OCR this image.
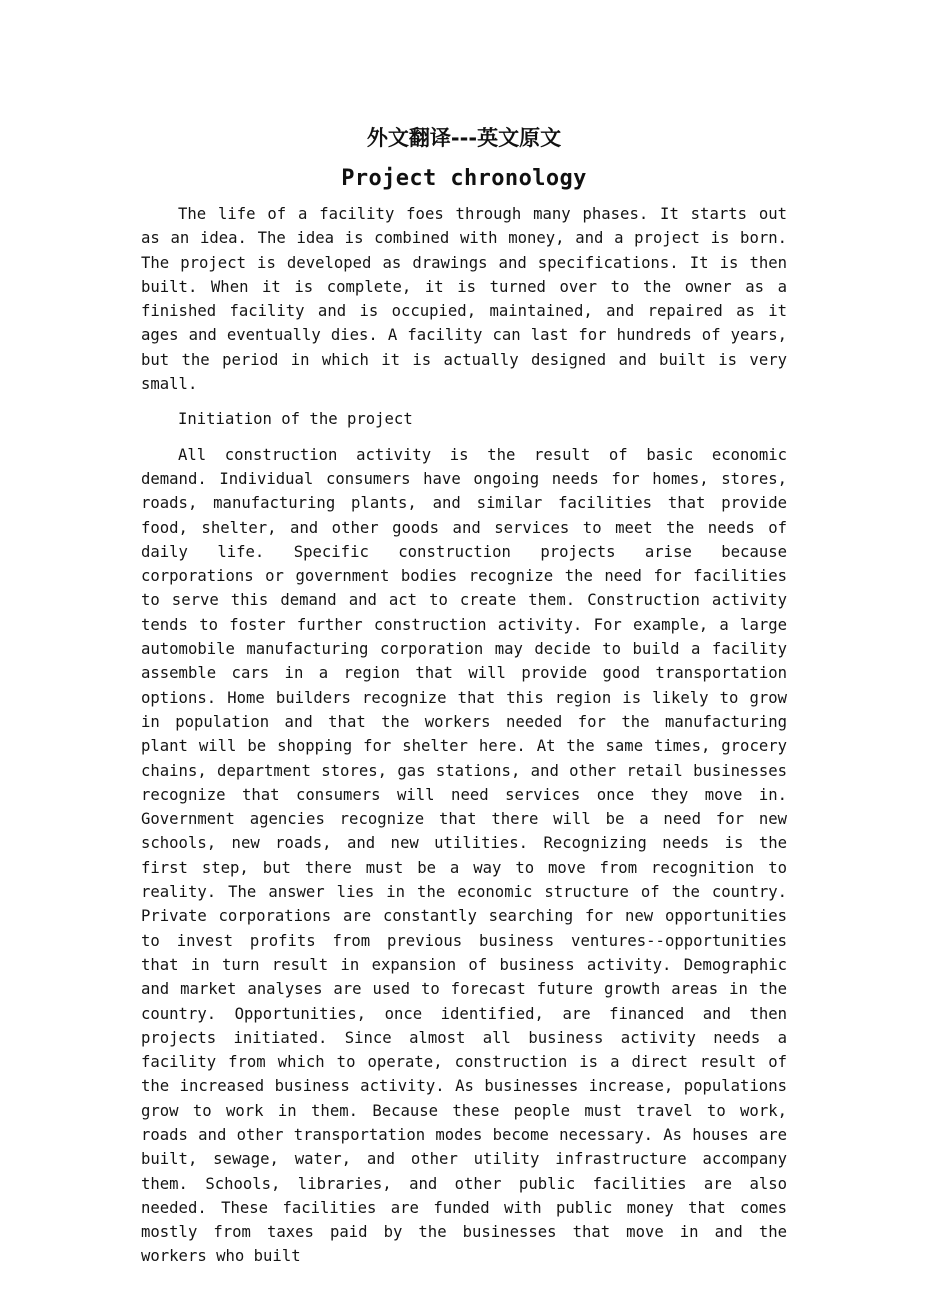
外文翻译---英文原文
Project chronology

The life of a facility foes through many phases. It starts out as an idea. The idea is combined with money, and a project is born. The project is developed as drawings and specifications. It is then built. When it is complete, it is turned over to the owner as a finished facility and is occupied, maintained, and repaired as it ages and eventually dies. A facility can last for hundreds of years, but the period in which it is actually designed and built is very small.

Initiation of the project

All construction activity is the result of basic economic demand. Individual consumers have ongoing needs for homes, stores, roads, manufacturing plants, and similar facilities that provide food, shelter, and other goods and services to meet the needs of daily life. Specific construction projects arise because corporations or government bodies recognize the need for facilities to serve this demand and act to create them. Construction activity tends to foster further construction activity. For example, a large automobile manufacturing corporation may decide to build a facility assemble cars in a region that will provide good transportation options. Home builders recognize that this region is likely to grow in population and that the workers needed for the manufacturing plant will be shopping for shelter here. At the same times, grocery chains, department stores, gas stations, and other retail businesses recognize that consumers will need services once they move in. Government agencies recognize that there will be a need for new schools, new roads, and new utilities. Recognizing needs is the first step, but there must be a way to move from recognition to reality. The answer lies in the economic structure of the country. Private corporations are constantly searching for new opportunities to invest profits from previous business ventures--opportunities that in turn result in expansion of business activity. Demographic and market analyses are used to forecast future growth areas in the country. Opportunities, once identified, are financed and then projects initiated. Since almost all business activity needs a facility from which to operate, construction is a direct result of the increased business activity. As businesses increase, populations grow to work in them. Because these people must travel to work, roads and other transportation modes become necessary. As houses are built, sewage, water, and other utility infrastructure accompany them. Schools, libraries, and other public facilities are also needed. These facilities are funded with public money that comes mostly from taxes paid by the businesses that move in and the workers who built
